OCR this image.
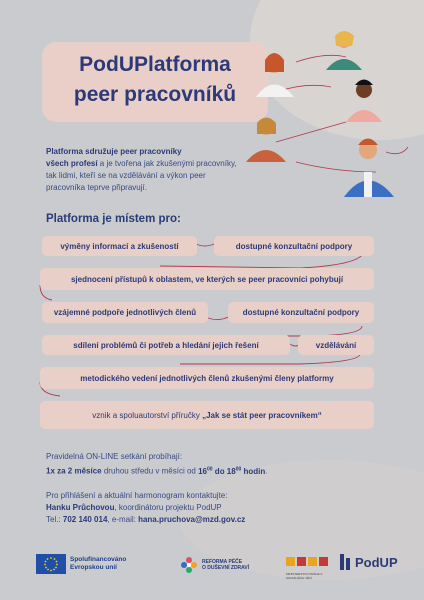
PodUPlatforma
peer pracovníků
Platforma sdružuje peer pracovníky
všech profesí a je tvořena jak zkušenými pracovníky, tak lidmi, kteří se na vzdělávání a výkon peer pracovníka teprve připravují.
Platforma je místem pro:
výměny informací a zkušeností	dostupné konzultační podpory
sjednocení přístupů k oblastem, ve kterých se peer pracovníci pohybují
vzájemné podpoře jednotlivých členů	dostupné konzultační podpory
sdílení problémů či potřeb a hledání jejich řešení	vzdělávání
metodického vedení jednotlivých členů zkušenými členy platformy
vznik a spoluautorství příručky „Jak se stát peer pracovníkem“
Pravidelná ON-LINE setkání probíhají:
1x za 2 měsíce druhou středu v měsíci od $16^{00}$ do $18^{00}$ hodin.
Pro přihlášení a aktuální harmonogram kontaktujte:
Hanku Průchovou, koordinátoru projektu PodUP
Tel.: 702 140 014, e-mail: hana.pruchova@mzd.gov.cz
Spolufinancováno
Evropskou unií
REFORMA PÉČE
O DUŠEVNÍ ZDRAVÍ
MINISTERSTVO PRÁCE A SOCIÁLNÍCH VĚCÍ
PodUP
